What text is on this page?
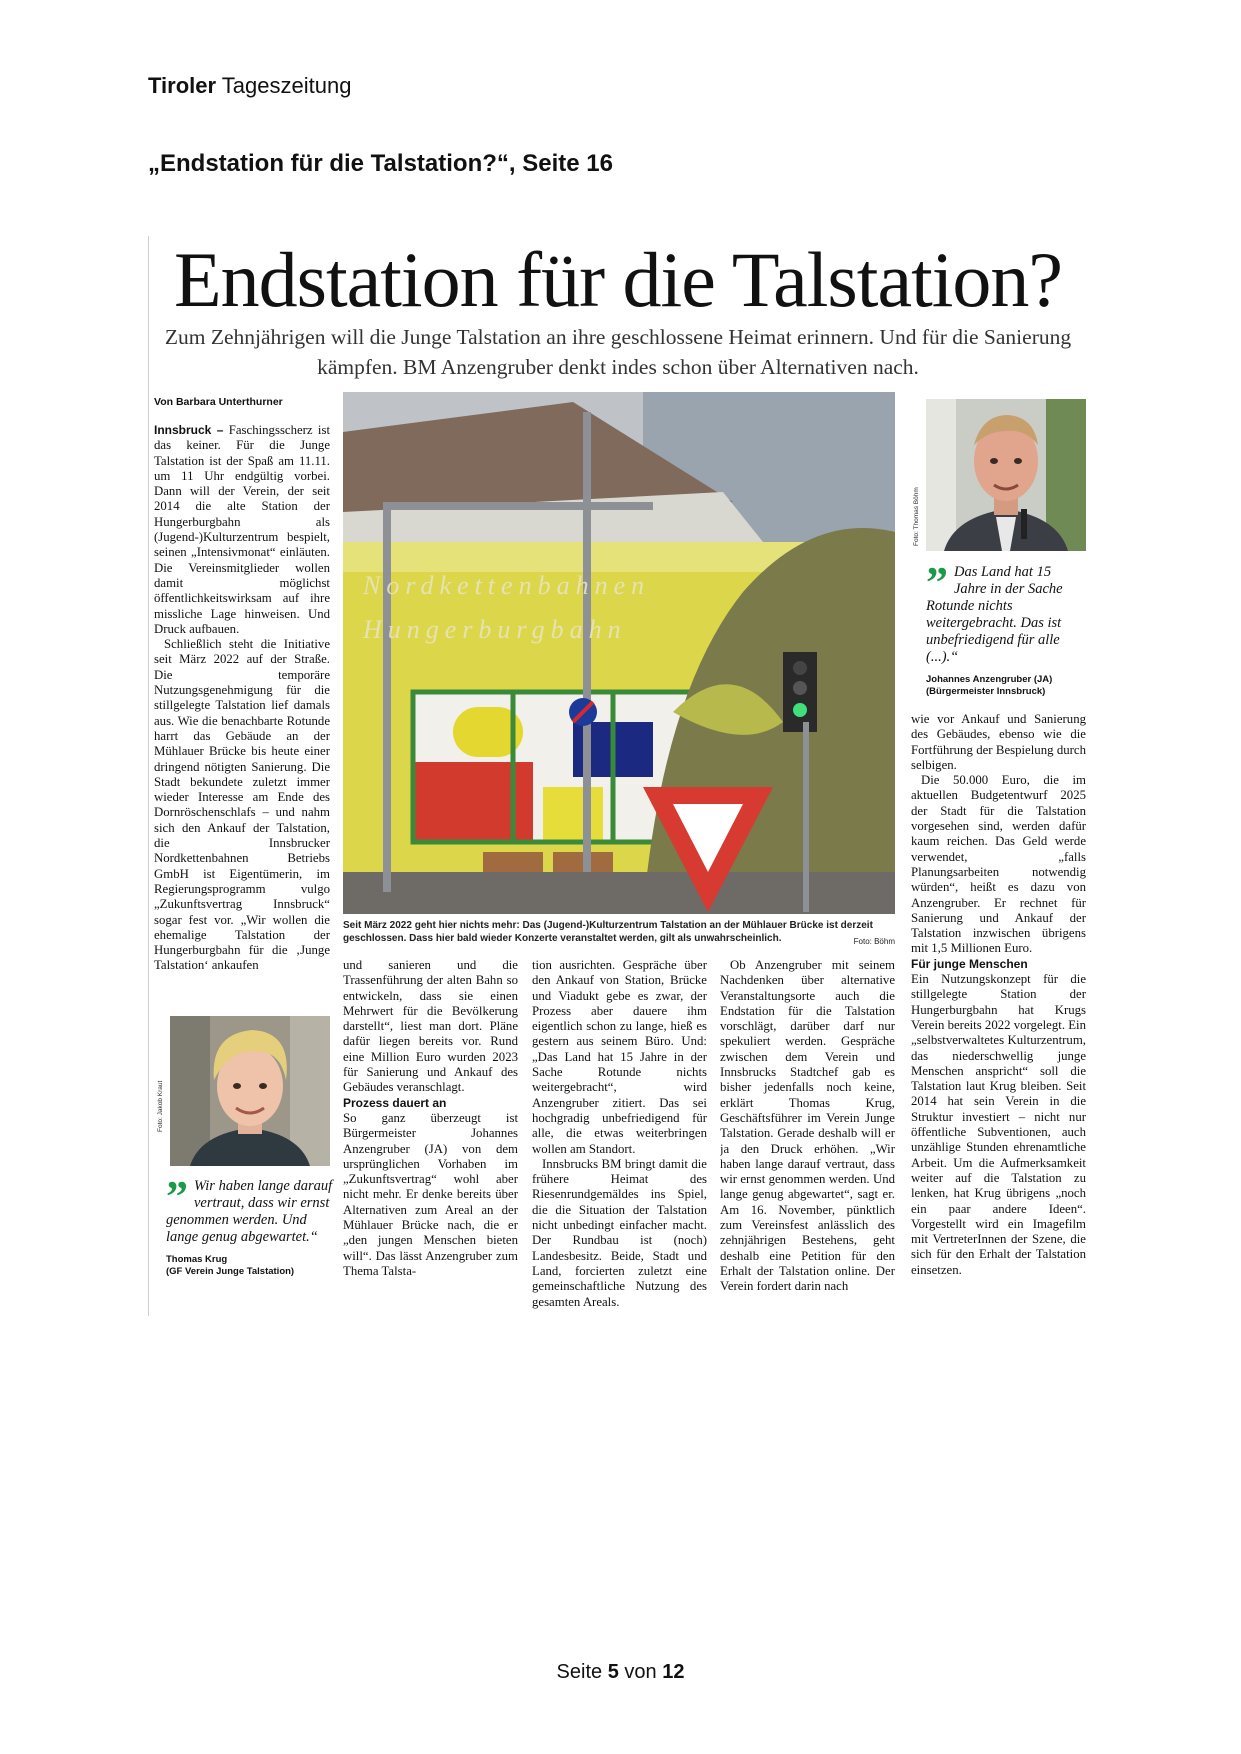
Tiroler Tageszeitung
„Endstation für die Talstation?“, Seite 16
Endstation für die Talstation?
Zum Zehnjährigen will die Junge Talstation an ihre geschlossene Heimat erinnern. Und für die Sanierung kämpfen. BM Anzengruber denkt indes schon über Alternativen nach.
Von Barbara Unterthurner

Innsbruck – Faschingsscherz ist das keiner. Für die Junge Talstation ist der Spaß am 11.11. um 11 Uhr endgültig vorbei. Dann will der Verein, der seit 2014 die alte Station der Hungerburgbahn als (Jugend-)Kulturzentrum bespielt, seinen „Intensivmonat“ einläuten. Die Vereinsmitglieder wollen damit möglichst öffentlichkeitswirksam auf ihre missliche Lage hinweisen. Und Druck aufbauen.

Schließlich steht die Initiative seit März 2022 auf der Straße. Die temporäre Nutzungsgenehmigung für die stillgelegte Talstation lief damals aus. Wie die benachbarte Rotunde harrt das Gebäude an der Mühlauer Brücke bis heute einer dringend nötigten Sanierung. Die Stadt bekundete zuletzt immer wieder Interesse am Ende des Dornröschenschlafs – und nahm sich den Ankauf der Talstation, die Innsbrucker Nordkettenbahnen Betriebs GmbH ist Eigentümerin, im Regierungsprogramm vulgo „Zukunftsvertrag Innsbruck“ sogar fest vor. „Wir wollen die ehemalige Talstation der Hungerburgbahn für die ‚Junge Talstation‘ ankaufen

Foto: Jakob Kraut
” Wir haben lange darauf vertraut, dass wir ernst genommen werden. Und lange genug abgewartet.“
Thomas Krug
(GF Verein Junge Talstation)
Nordkettenbahnen Hungerburgbahn
Seit März 2022 geht hier nichts mehr: Das (Jugend-)Kulturzentrum Talstation an der Mühlauer Brücke ist derzeit geschlossen. Dass hier bald wieder Konzerte veranstaltet werden, gilt als unwahrscheinlich.	Foto: Böhm

und sanieren und die Trassenführung der alten Bahn so entwickeln, dass sie einen Mehrwert für die Bevölkerung darstellt“, liest man dort. Pläne dafür liegen bereits vor. Rund eine Million Euro wurden 2023 für Sanierung und Ankauf des Gebäudes veranschlagt.

Prozess dauert an

So ganz überzeugt ist Bürgermeister Johannes Anzengruber (JA) von dem ursprünglichen Vorhaben im „Zukunftsvertrag“ wohl aber nicht mehr. Er denke bereits über Alternativen zum Areal an der Mühlauer Brücke nach, die er „den jungen Menschen bieten will“. Das lässt Anzengruber zum Thema Talsta-

tion ausrichten. Gespräche über den Ankauf von Station, Brücke und Viadukt gebe es zwar, der Prozess aber dauere ihm eigentlich schon zu lange, hieß es gestern aus seinem Büro. Und: „Das Land hat 15 Jahre in der Sache Rotunde nichts weitergebracht“, wird Anzengruber zitiert. Das sei hochgradig unbefriedigend für alle, die etwas weiterbringen wollen am Standort.

Innsbrucks BM bringt damit die frühere Heimat des Riesenrundgemäldes ins Spiel, die die Situation der Talstation nicht unbedingt einfacher macht. Der Rundbau ist (noch) Landesbesitz. Beide, Stadt und Land, forcierten zuletzt eine gemeinschaftliche Nutzung des gesamten Areals.

Ob Anzengruber mit seinem Nachdenken über alternative Veranstaltungsorte auch die Endstation für die Talstation vorschlägt, darüber darf nur spekuliert werden. Gespräche zwischen dem Verein und Innsbrucks Stadtchef gab es bisher jedenfalls noch keine, erklärt Thomas Krug, Geschäftsführer im Verein Junge Talstation. Gerade deshalb will er ja den Druck erhöhen. „Wir haben lange darauf vertraut, dass wir ernst genommen werden. Und lange genug abgewartet“, sagt er. Am 16. November, pünktlich zum Vereinsfest anlässlich des zehnjährigen Bestehens, geht deshalb eine Petition für den Erhalt der Talstation online. Der Verein fordert darin nach

Foto: Thomas Böhm
” Das Land hat 15 Jahre in der Sache Rotunde nichts weitergebracht. Das ist unbefriedigend für alle (...).“
Johannes Anzengruber (JA)
(Bürgermeister Innsbruck)

wie vor Ankauf und Sanierung des Gebäudes, ebenso wie die Fortführung der Bespielung durch selbigen.

Die 50.000 Euro, die im aktuellen Budgetentwurf 2025 der Stadt für die Talstation vorgesehen sind, werden dafür kaum reichen. Das Geld werde verwendet, „falls Planungsarbeiten notwendig würden“, heißt es dazu von Anzengruber. Er rechnet für Sanierung und Ankauf der Talstation inzwischen übrigens mit 1,5 Millionen Euro.

Für junge Menschen

Ein Nutzungskonzept für die stillgelegte Station der Hungerburgbahn hat Krugs Verein bereits 2022 vorgelegt. Ein „selbstverwaltetes Kulturzentrum, das niederschwellig junge Menschen anspricht“ soll die Talstation laut Krug bleiben. Seit 2014 hat sein Verein in die Struktur investiert – nicht nur öffentliche Subventionen, auch unzählige Stunden ehrenamtliche Arbeit. Um die Aufmerksamkeit weiter auf die Talstation zu lenken, hat Krug übrigens „noch ein paar andere Ideen“. Vorgestellt wird ein Imagefilm mit VertreterInnen der Szene, die sich für den Erhalt der Talstation einsetzen.

Seite 5 von 12
